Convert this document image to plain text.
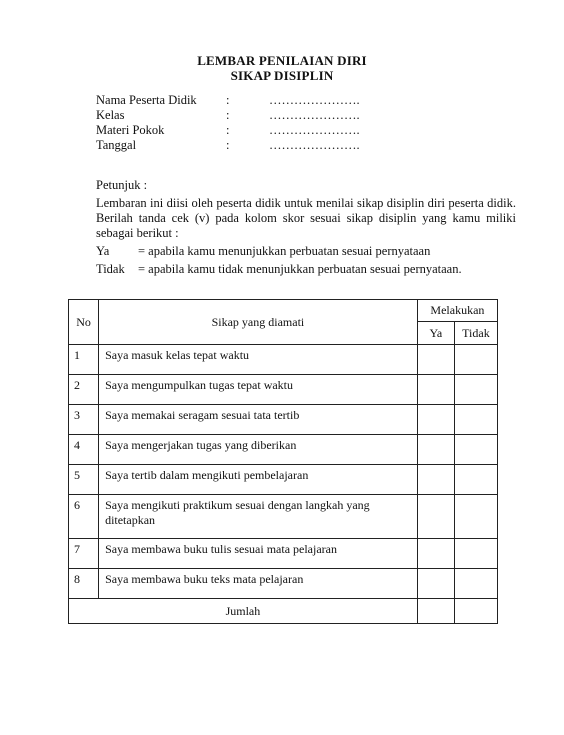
LEMBAR PENILAIAN DIRI
SIKAP DISIPLIN
Nama Peserta Didik :	………………….
Kelas	:	………………….
Materi Pokok	:	………………….
Tanggal	:	………………….
Petunjuk :
Lembaran ini diisi oleh peserta didik untuk menilai sikap disiplin diri peserta didik. Berilah tanda cek (v) pada kolom skor sesuai sikap disiplin yang kamu miliki sebagai berikut :
Ya = apabila kamu menunjukkan perbuatan sesuai pernyataan
Tidak = apabila kamu tidak menunjukkan perbuatan sesuai pernyataan.
No	Sikap yang diamati	Melakukan	
		Ya	Tidak
1	Saya masuk kelas tepat waktu		
2	Saya mengumpulkan tugas tepat waktu		
3	Saya memakai seragam sesuai tata tertib		
4	Saya mengerjakan tugas yang diberikan		
5	Saya tertib dalam mengikuti pembelajaran		
6	Saya mengikuti praktikum sesuai dengan langkah yang ditetapkan		
7	Saya membawa buku tulis sesuai mata pelajaran		
8	Saya membawa buku teks mata pelajaran		
Jumlah			
